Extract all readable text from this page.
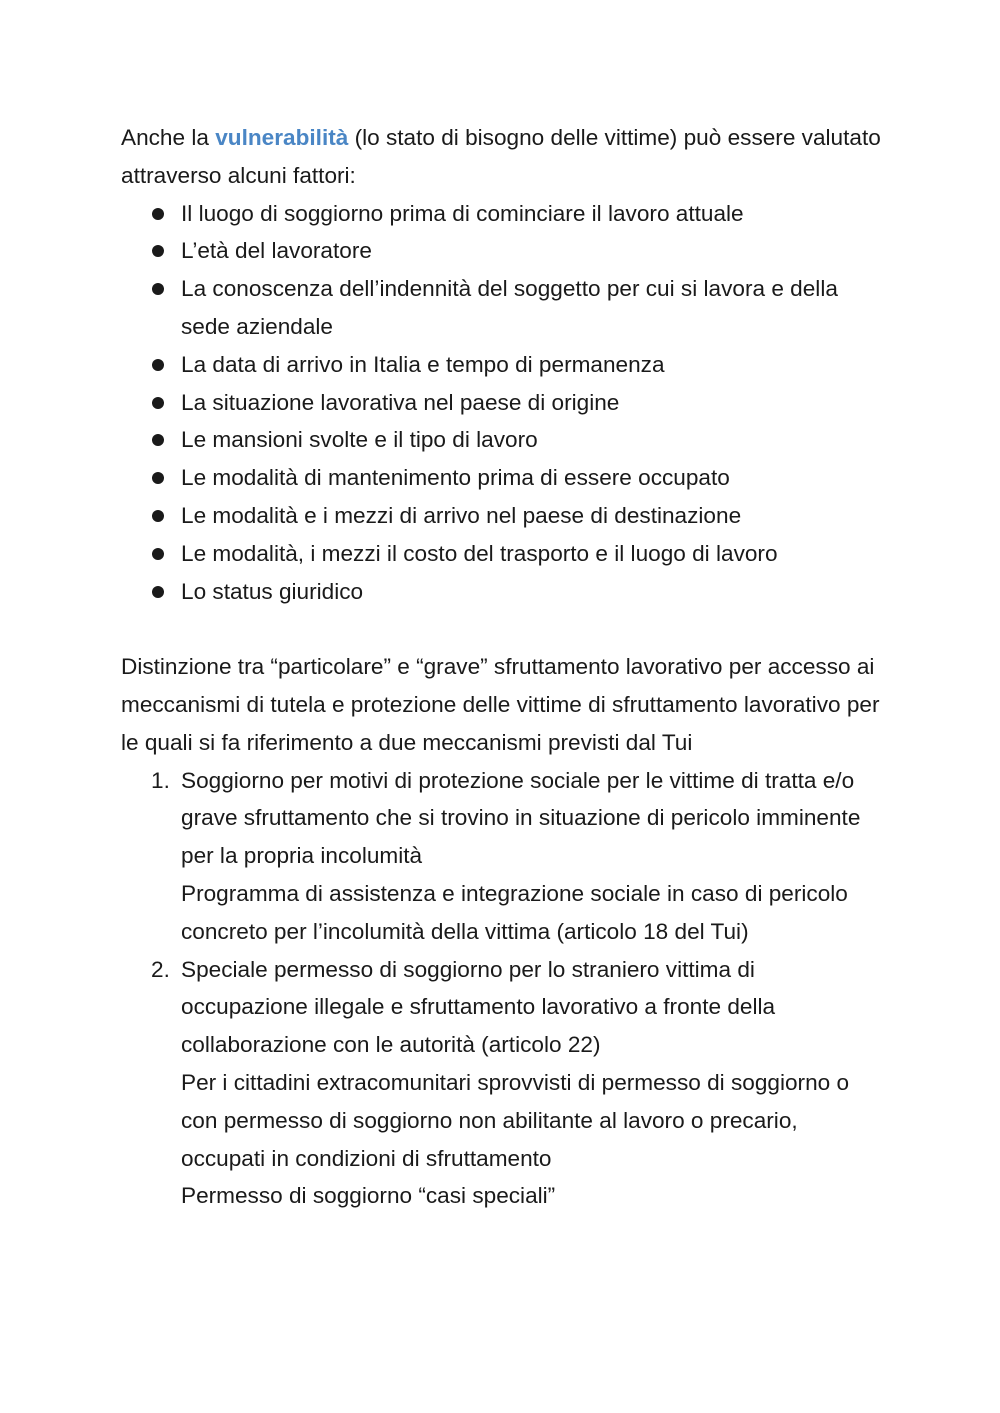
Anche la vulnerabilità (lo stato di bisogno delle vittime) può essere valutato attraverso alcuni fattori:

Il luogo di soggiorno prima di cominciare il lavoro attuale
L’età del lavoratore
La conoscenza dell’indennità del soggetto per cui si lavora e della sede aziendale
La data di arrivo in Italia e tempo di permanenza
La situazione lavorativa nel paese di origine
Le mansioni svolte e il tipo di lavoro
Le modalità di mantenimento prima di essere occupato
Le modalità e i mezzi di arrivo nel paese di destinazione
Le modalità, i mezzi il costo del trasporto e il luogo di lavoro
Lo status giuridico

Distinzione tra “particolare” e “grave” sfruttamento lavorativo per accesso ai meccanismi di tutela e protezione delle vittime di sfruttamento lavorativo per le quali si fa riferimento a due meccanismi previsti dal Tui

1. Soggiorno per motivi di protezione sociale per le vittime di tratta e/o grave sfruttamento che si trovino in situazione di pericolo imminente per la propria incolumità
Programma di assistenza e integrazione sociale in caso di pericolo concreto per l’incolumità della vittima (articolo 18 del Tui)
2. Speciale permesso di soggiorno per lo straniero vittima di occupazione illegale e sfruttamento lavorativo a fronte della collaborazione con le autorità (articolo 22)
Per i cittadini extracomunitari sprovvisti di permesso di soggiorno o con permesso di soggiorno non abilitante al lavoro o precario, occupati in condizioni di sfruttamento
Permesso di soggiorno “casi speciali”
